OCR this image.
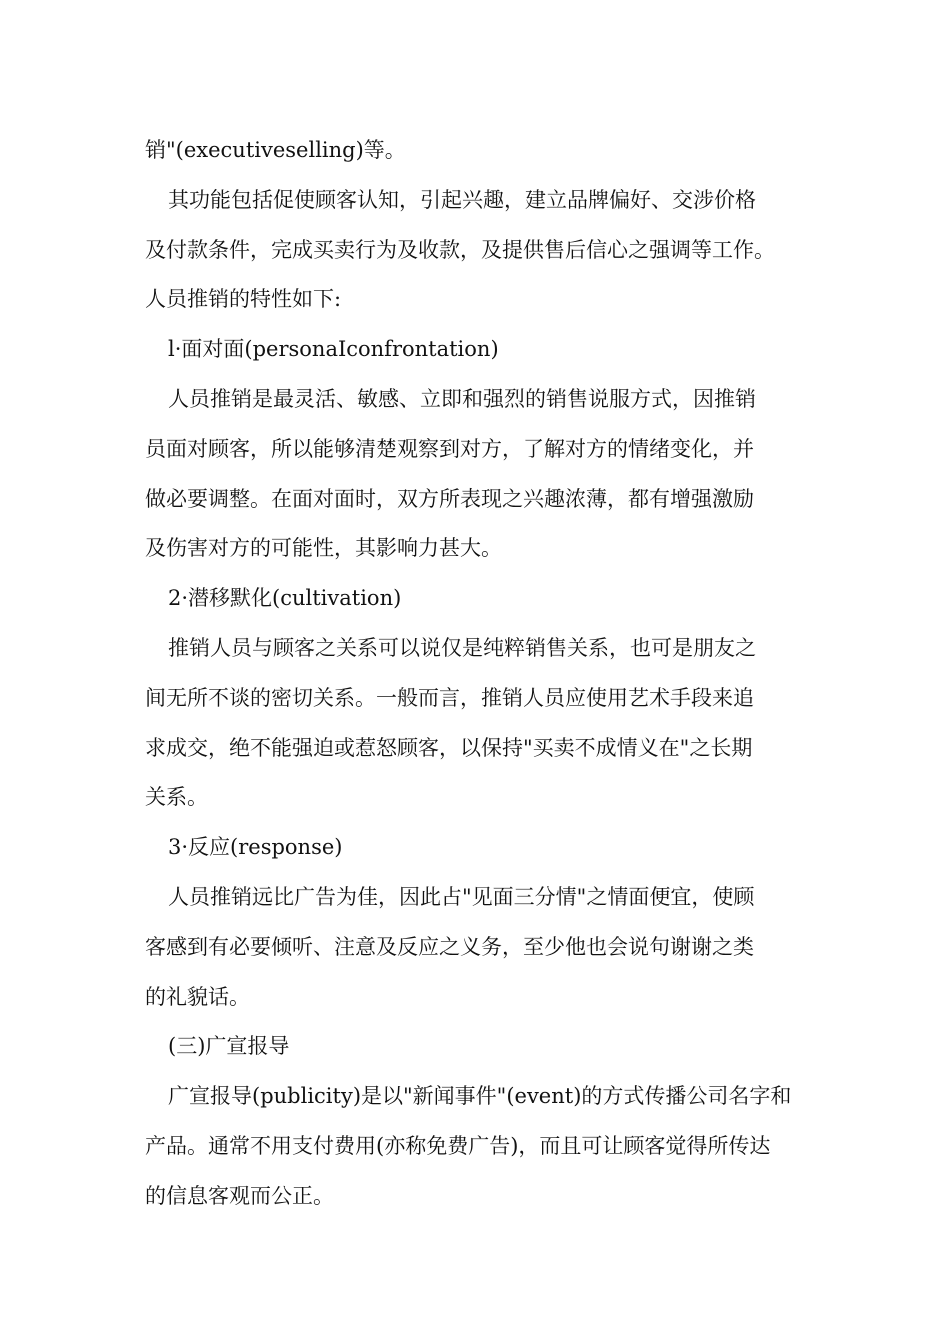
销"(executiveselling)等。

其功能包括促使顾客认知，引起兴趣，建立品牌偏好、交涉价格

及付款条件，完成买卖行为及收款，及提供售后信心之强调等工作。

人员推销的特性如下:

l·面对面(personaIconfrontation)

人员推销是最灵活、敏感、立即和强烈的销售说服方式，因推销

员面对顾客，所以能够清楚观察到对方，了解对方的情绪变化，并

做必要调整。在面对面时，双方所表现之兴趣浓薄，都有增强激励

及伤害对方的可能性，其影响力甚大。

2·潜移默化(cultivation)

推销人员与顾客之关系可以说仅是纯粹销售关系，也可是朋友之

间无所不谈的密切关系。一般而言，推销人员应使用艺术手段来追

求成交，绝不能强迫或惹怒顾客，以保持"买卖不成情义在"之长期

关系。

3·反应(response)

人员推销远比广告为佳，因此占"见面三分情"之情面便宜，使顾

客感到有必要倾听、注意及反应之义务，至少他也会说句谢谢之类

的礼貌话。

(三)广宣报导

广宣报导(publicity)是以"新闻事件"(event)的方式传播公司名字和

产品。通常不用支付费用(亦称免费广告)，而且可让顾客觉得所传达

的信息客观而公正。
